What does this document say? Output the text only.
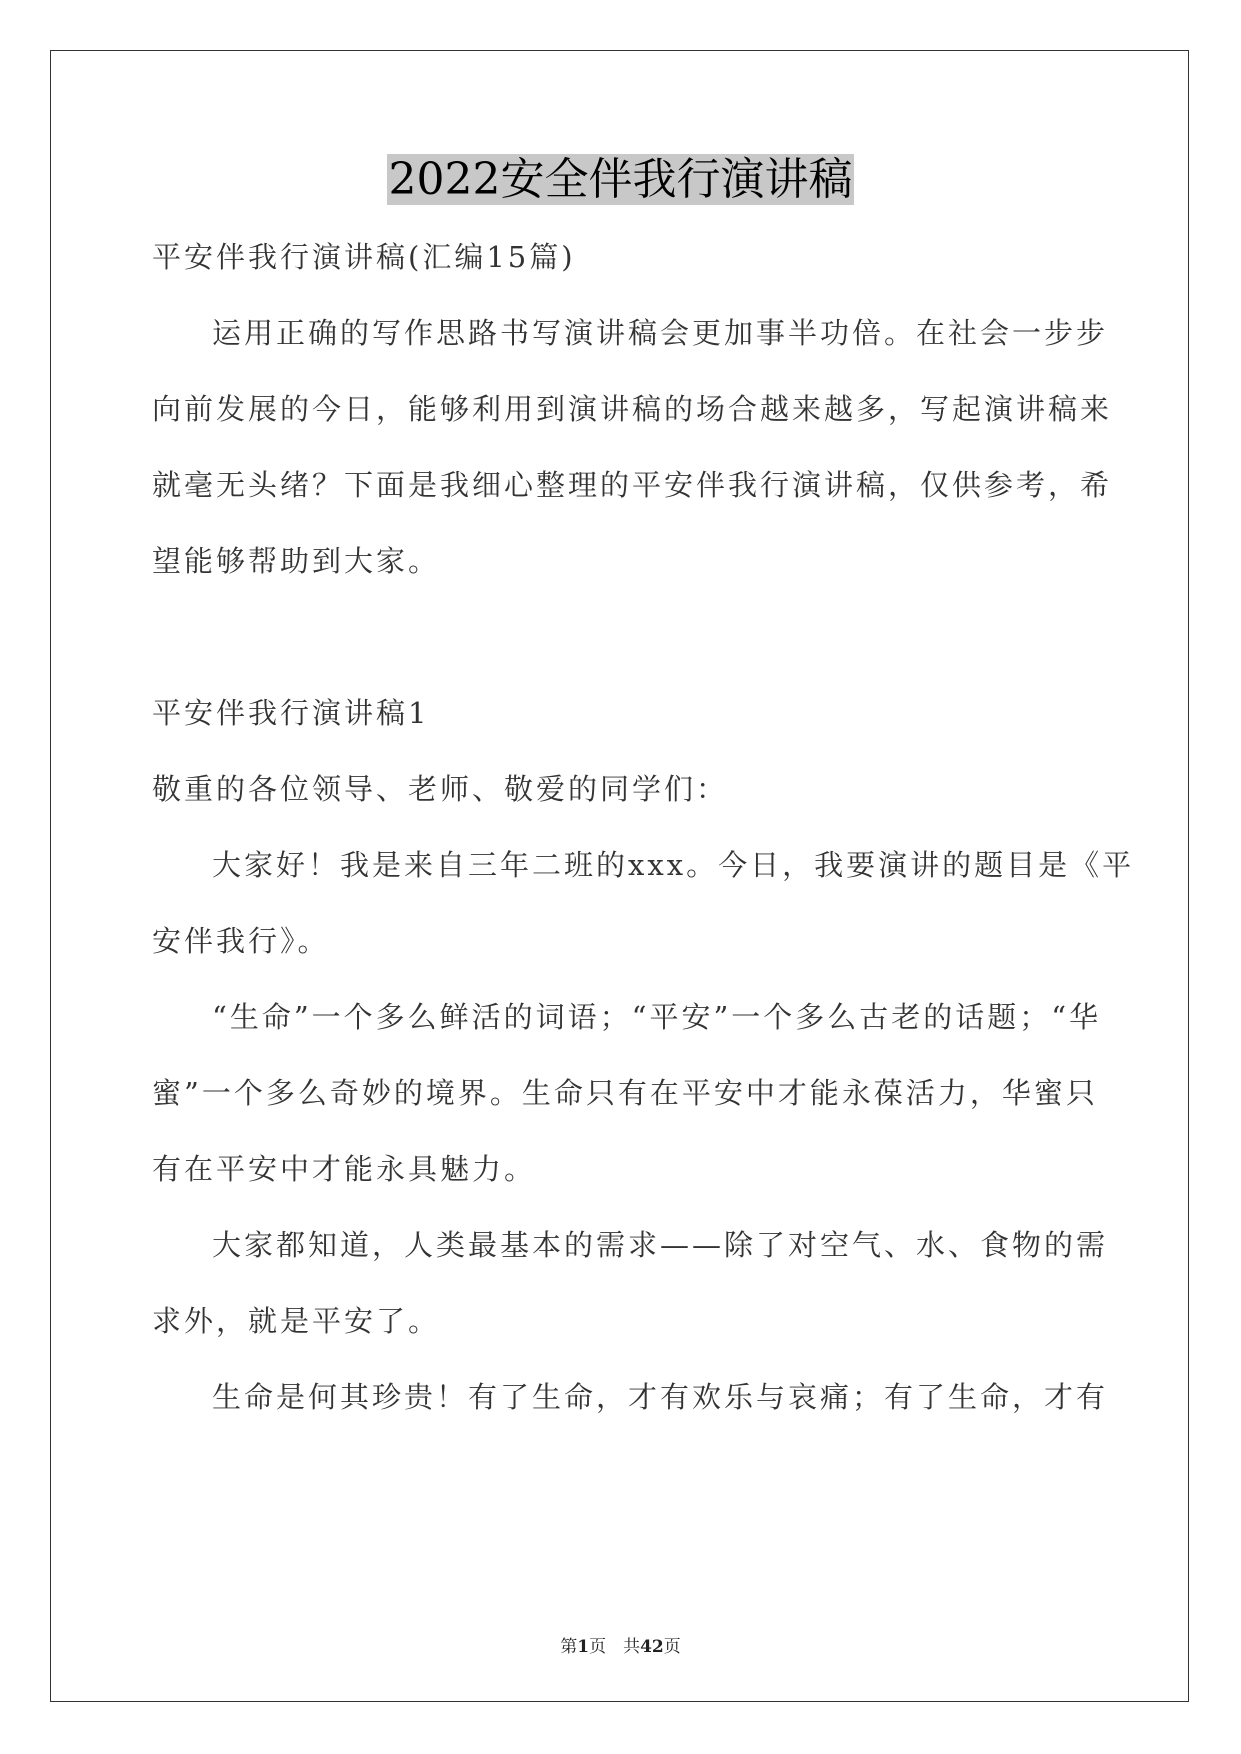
2022安全伴我行演讲稿
平安伴我行演讲稿(汇编15篇)
运用正确的写作思路书写演讲稿会更加事半功倍。在社会一步步
向前发展的今日，能够利用到演讲稿的场合越来越多，写起演讲稿来
就毫无头绪？下面是我细心整理的平安伴我行演讲稿，仅供参考，希
望能够帮助到大家。
平安伴我行演讲稿1
敬重的各位领导、老师、敬爱的同学们：
大家好！我是来自三年二班的xxx。今日，我要演讲的题目是《平
安伴我行》。
“生命”一个多么鲜活的词语；“平安”一个多么古老的话题；“华
蜜”一个多么奇妙的境界。生命只有在平安中才能永葆活力，华蜜只
有在平安中才能永具魅力。
大家都知道，人类最基本的需求——除了对空气、水、食物的需
求外，就是平安了。
生命是何其珍贵！有了生命，才有欢乐与哀痛；有了生命，才有
第1页　共42页
